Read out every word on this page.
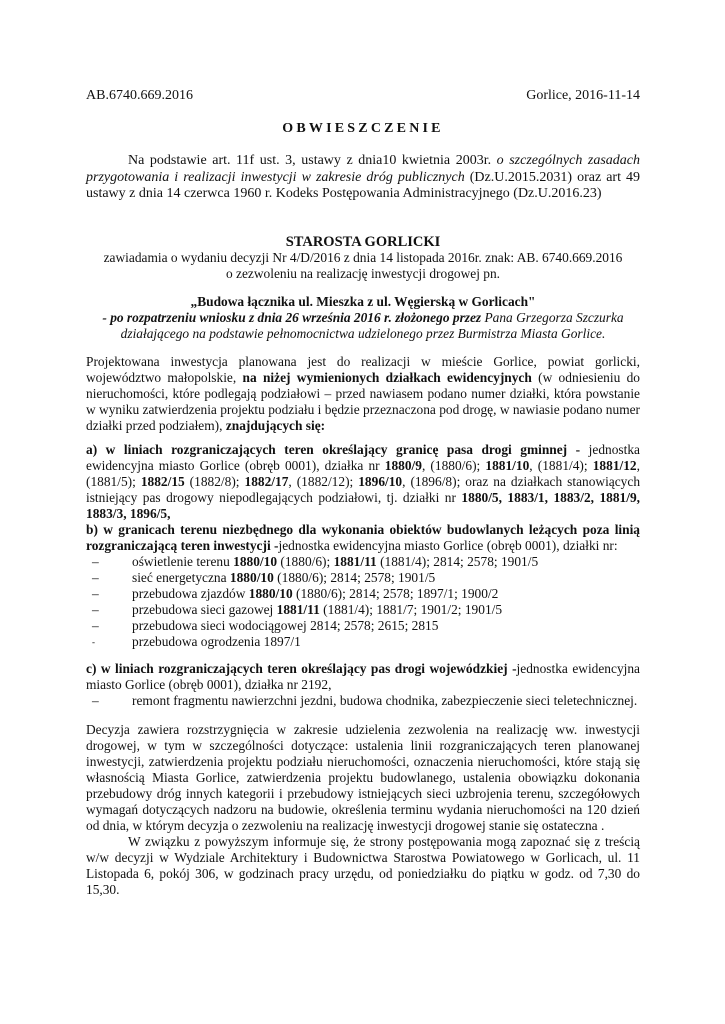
AB.6740.669.2016	Gorlice, 2016-11-14
OBWIESZCZENIE

Na podstawie art. 11f ust. 3, ustawy z dnia10 kwietnia 2003r. o szczególnych zasadach przygotowania i realizacji inwestycji w zakresie dróg publicznych (Dz.U.2015.2031) oraz art 49 ustawy z dnia 14 czerwca 1960 r. Kodeks Postępowania Administracyjnego (Dz.U.2016.23)

STAROSTA GORLICKI

zawiadamia o wydaniu decyzji Nr 4/D/2016 z dnia 14 listopada 2016r. znak: AB. 6740.669.2016

o zezwoleniu na realizację inwestycji drogowej pn.

„Budowa łącznika ul. Mieszka z ul. Węgierską w Gorlicach"

- po rozpatrzeniu wniosku z dnia 26 września 2016 r. złożonego przez Pana Grzegorza Szczurka

działającego na podstawie pełnomocnictwa udzielonego przez Burmistrza Miasta Gorlice.

Projektowana inwestycja planowana jest do realizacji w mieście Gorlice, powiat gorlicki, województwo małopolskie, na niżej wymienionych działkach ewidencyjnych (w odniesieniu do nieruchomości, które podlegają podziałowi – przed nawiasem podano numer działki, która powstanie w wyniku zatwierdzenia projektu podziału i będzie przeznaczona pod drogę, w nawiasie podano numer działki przed podziałem), znajdujących się:

a) w liniach rozgraniczających teren określający granicę pasa drogi gminnej - jednostka ewidencyjna miasto Gorlice (obręb 0001), działka nr 1880/9, (1880/6); 1881/10, (1881/4); 1881/12, (1881/5); 1882/15 (1882/8); 1882/17, (1882/12); 1896/10, (1896/8); oraz na działkach stanowiących istniejący pas drogowy niepodlegających podziałowi, tj. działki nr 1880/5, 1883/1, 1883/2, 1881/9, 1883/3, 1896/5,

b) w granicach terenu niezbędnego dla wykonania obiektów budowlanych leżących poza linią rozgraniczającą teren inwestycji -jednostka ewidencyjna miasto Gorlice (obręb 0001), działki nr:

– oświetlenie terenu 1880/10 (1880/6); 1881/11 (1881/4); 2814; 2578; 1901/5
– sieć energetyczna 1880/10 (1880/6); 2814; 2578; 1901/5
– przebudowa zjazdów 1880/10 (1880/6); 2814; 2578; 1897/1; 1900/2
– przebudowa sieci gazowej 1881/11 (1881/4); 1881/7; 1901/2; 1901/5
– przebudowa sieci wodociągowej 2814; 2578; 2615; 2815
-	przebudowa ogrodzenia 1897/1

c) w liniach rozgraniczających teren określający pas drogi wojewódzkiej -jednostka ewidencyjna miasto Gorlice (obręb 0001), działka nr 2192,

– remont fragmentu nawierzchni jezdni, budowa chodnika, zabezpieczenie sieci teletechnicznej.

Decyzja zawiera rozstrzygnięcia w zakresie udzielenia zezwolenia na realizację ww. inwestycji drogowej, w tym w szczególności dotyczące: ustalenia linii rozgraniczających teren planowanej inwestycji, zatwierdzenia projektu podziału nieruchomości, oznaczenia nieruchomości, które stają się własnością Miasta Gorlice, zatwierdzenia projektu budowlanego, ustalenia obowiązku dokonania przebudowy dróg innych kategorii i przebudowy istniejących sieci uzbrojenia terenu, szczegółowych wymagań dotyczących nadzoru na budowie, określenia terminu wydania nieruchomości na 120 dzień od dnia, w którym decyzja o zezwoleniu na realizację inwestycji drogowej stanie się ostateczna .

W związku z powyższym informuje się, że strony postępowania mogą zapoznać się z treścią w/w decyzji w Wydziale Architektury i Budownictwa Starostwa Powiatowego w Gorlicach, ul. 11 Listopada 6, pokój 306, w godzinach pracy urzędu, od poniedziałku do piątku w godz. od 7,30 do 15,30.
